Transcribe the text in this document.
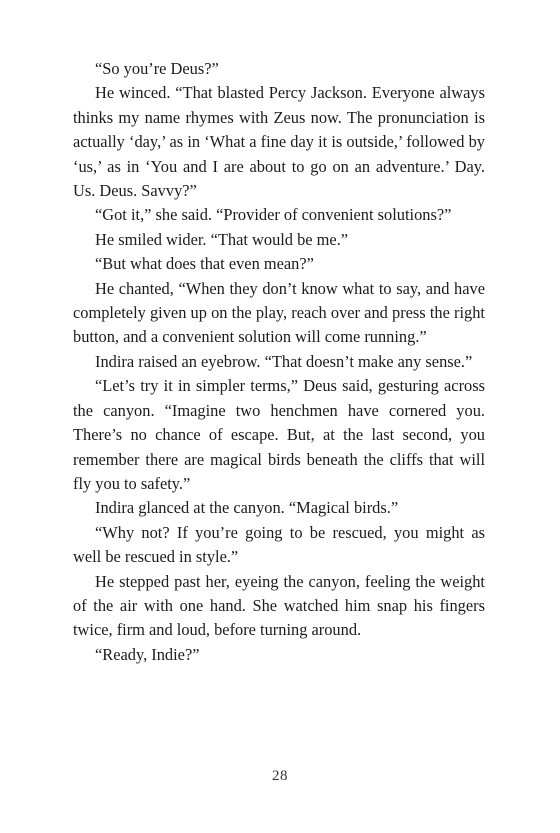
“So you’re Deus?”

He winced. “That blasted Percy Jackson. Everyone always thinks my name rhymes with Zeus now. The pronunciation is actually ‘day,’ as in ‘What a fine day it is outside,’ followed by ‘us,’ as in ‘You and I are about to go on an adventure.’ Day. Us. Deus. Savvy?”

“Got it,” she said. “Provider of convenient solutions?”

He smiled wider. “That would be me.”

“But what does that even mean?”

He chanted, “When they don’t know what to say, and have completely given up on the play, reach over and press the right button, and a convenient solution will come running.”

Indira raised an eyebrow. “That doesn’t make any sense.”

“Let’s try it in simpler terms,” Deus said, gesturing across the canyon. “Imagine two henchmen have cornered you. There’s no chance of escape. But, at the last second, you remember there are magical birds beneath the cliffs that will fly you to safety.”

Indira glanced at the canyon. “Magical birds.”

“Why not? If you’re going to be rescued, you might as well be rescued in style.”

He stepped past her, eyeing the canyon, feeling the weight of the air with one hand. She watched him snap his fingers twice, firm and loud, before turning around.

“Ready, Indie?”

28
